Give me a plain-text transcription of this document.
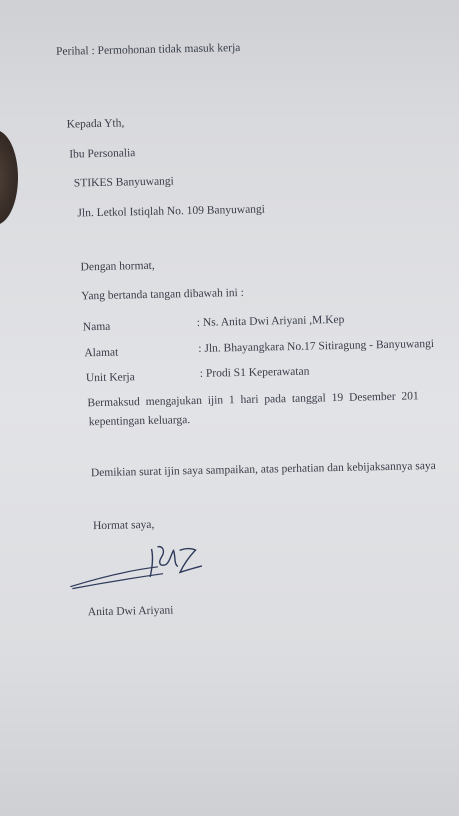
Perihal : Permohonan tidak masuk kerja
Kepada Yth,
Ibu Personalia
STIKES Banyuwangi
Jln. Letkol Istiqlah No. 109 Banyuwangi
Dengan hormat,
Yang bertanda tangan dibawah ini :
Nama	: Ns. Anita Dwi Ariyani ,M.Kep
Alamat	: Jln. Bhayangkara No.17 Sitiragung - Banyuwangi
Unit Kerja	: Prodi S1 Keperawatan
Bermaksud mengajukan ijin 1 hari pada tanggal 19 Desember 201
kepentingan keluarga.
Demikian surat ijin saya sampaikan, atas perhatian dan kebijaksannya saya
Hormat saya,
Anita Dwi Ariyani
